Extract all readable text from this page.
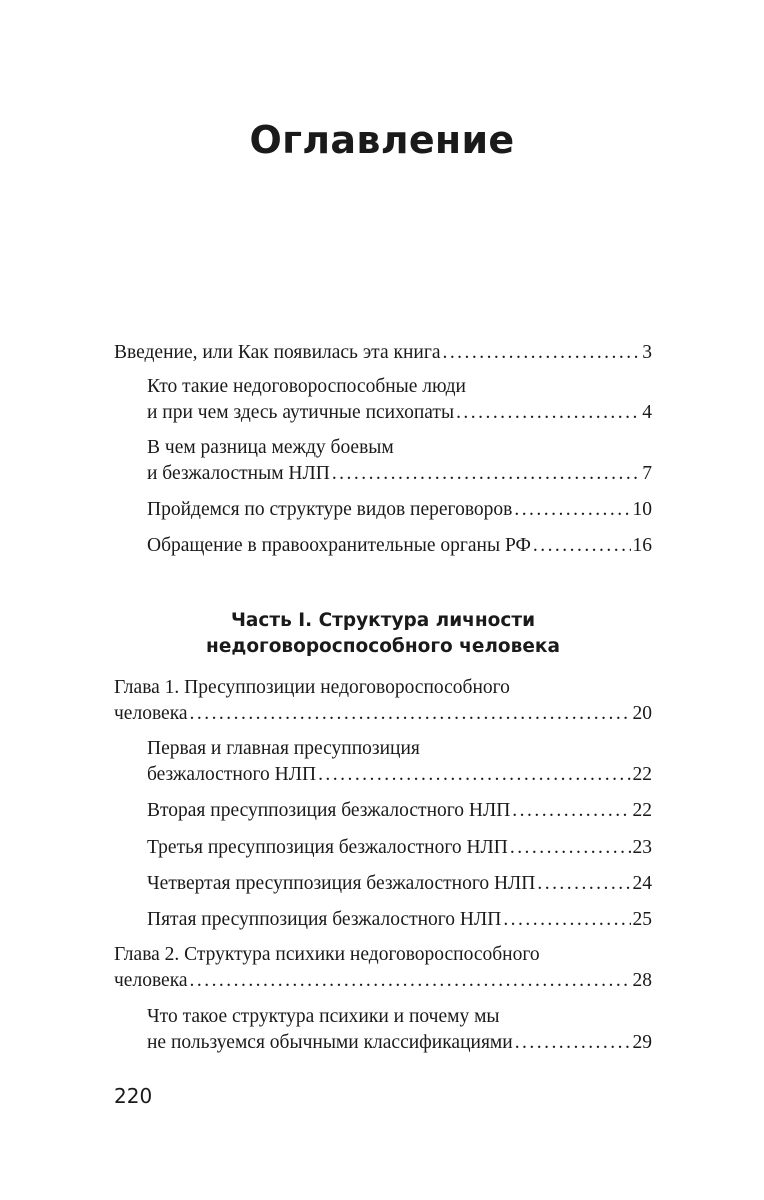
Оглавление
Введение, или Как появилась эта книга . . .	3
Кто такие недоговороспособные люди
и при чем здесь аутичные психопаты . . .	4
В чем разница между боевым
и безжалостным НЛП . . .	7
Пройдемся по структуре видов переговоров . . .	10
Обращение в правоохранительные органы РФ . . .	16
Часть I. Структура личности
недоговороспособного человека
Глава 1. Пресуппозиции недоговороспособного
человека . . .	20
Первая и главная пресуппозиция
безжалостного НЛП . . .	22
Вторая пресуппозиция безжалостного НЛП . . .	22
Третья пресуппозиция безжалостного НЛП . . .	23
Четвертая пресуппозиция безжалостного НЛП . . .	24
Пятая пресуппозиция безжалостного НЛП . . .	25
Глава 2. Структура психики недоговороспособного
человека . . .	28
Что такое структура психики и почему мы
не пользуемся обычными классификациями . . .	29
220
